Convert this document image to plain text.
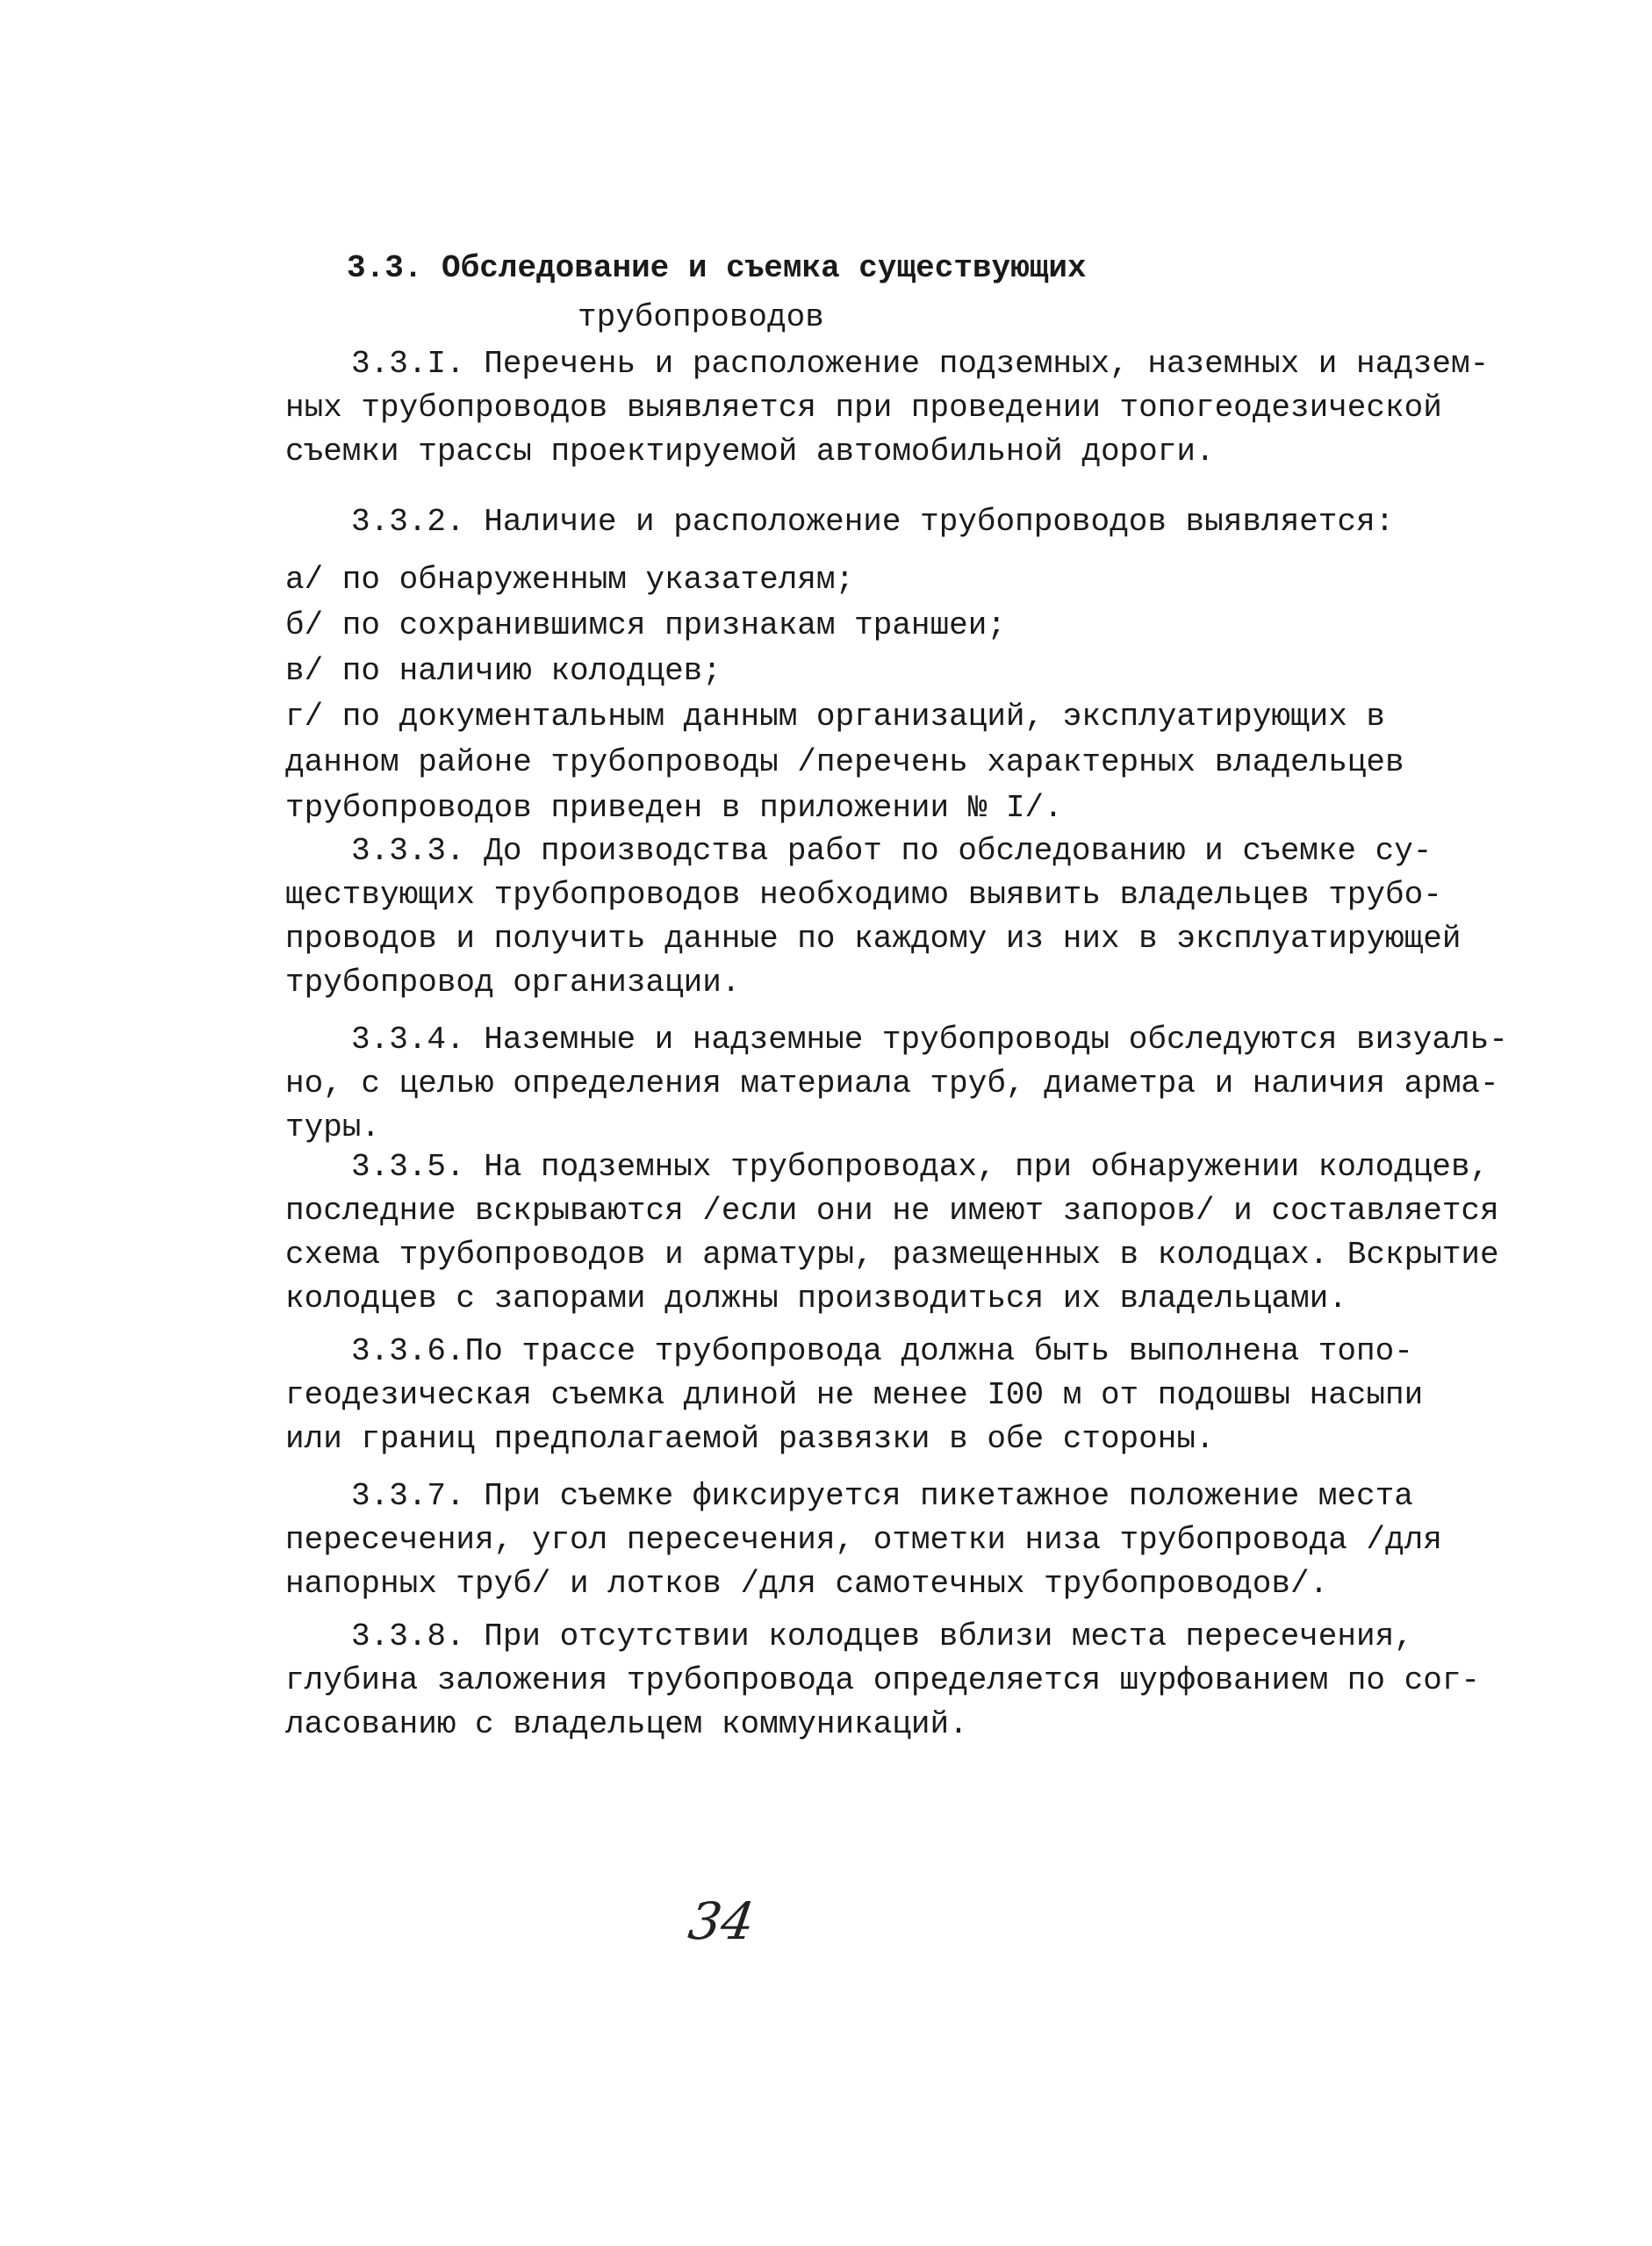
3.3. Обследование и съемка существующих
трубопроводов
3.3.I. Перечень и расположение подземных, наземных и надзем-
ных трубопроводов выявляется при проведении топогеодезической
съемки трассы проектируемой автомобильной дороги.
3.3.2. Наличие и расположение трубопроводов выявляется:
а/ по обнаруженным указателям;
б/ по сохранившимся признакам траншеи;
в/ по наличию колодцев;
г/ по документальным данным организаций, эксплуатирующих в
данном районе трубопроводы /перечень характерных владельцев
трубопроводов приведен в приложении № I/.
3.3.3. До производства работ по обследованию и съемке су-
ществующих трубопроводов необходимо выявить владельцев трубо-
проводов и получить данные по каждому из них в эксплуатирующей
трубопровод организации.
3.3.4. Наземные и надземные трубопроводы обследуются визуаль-
но, с целью определения материала труб, диаметра и наличия арма-
туры.
3.3.5. На подземных трубопроводах, при обнаружении колодцев,
последние вскрываются /если они не имеют запоров/ и составляется
схема трубопроводов и арматуры, размещенных в колодцах. Вскрытие
колодцев с запорами должны производиться их владельцами.
3.3.6.По трассе трубопровода должна быть выполнена топо-
геодезическая съемка длиной не менее I00 м от подошвы насыпи
или границ предполагаемой развязки в обе стороны.
3.3.7. При съемке фиксируется пикетажное положение места
пересечения, угол пересечения, отметки низа трубопровода /для
напорных труб/ и лотков /для самотечных трубопроводов/.
3.3.8. При отсутствии колодцев вблизи места пересечения,
глубина заложения трубопровода определяется шурфованием по сог-
ласованию с владельцем коммуникаций.
34
